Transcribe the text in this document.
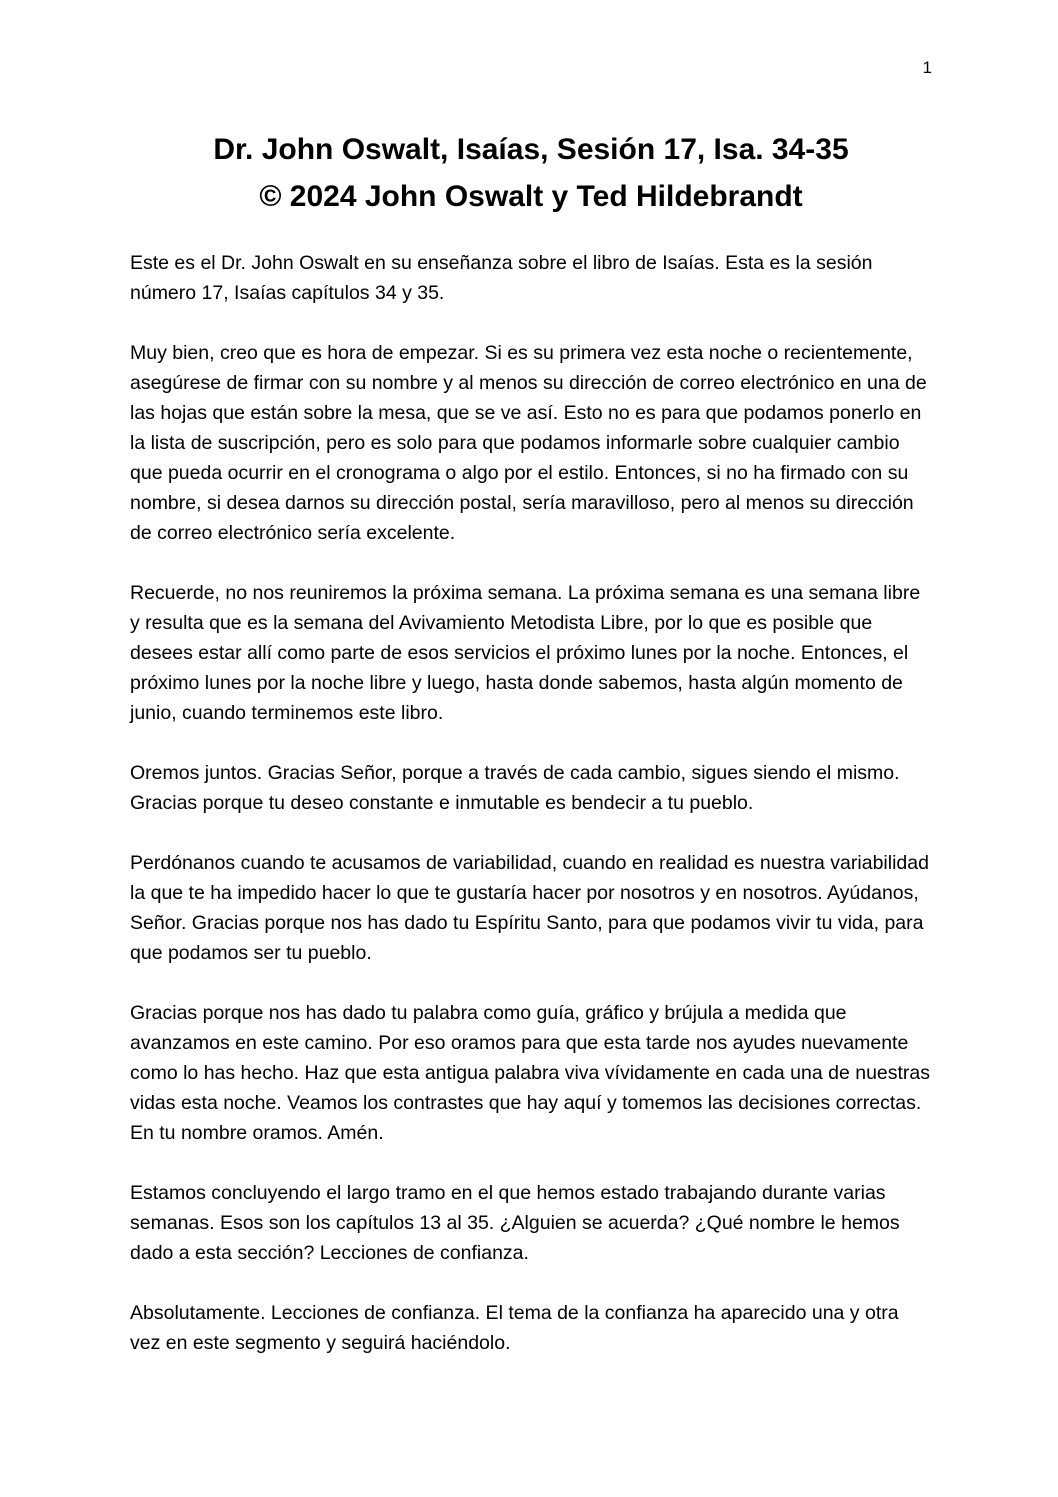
1
Dr. John Oswalt, Isaías, Sesión 17, Isa. 34-35
© 2024 John Oswalt y Ted Hildebrandt

Este es el Dr. John Oswalt en su enseñanza sobre el libro de Isaías. Esta es la sesión número 17, Isaías capítulos 34 y 35.

Muy bien, creo que es hora de empezar. Si es su primera vez esta noche o recientemente, asegúrese de firmar con su nombre y al menos su dirección de correo electrónico en una de las hojas que están sobre la mesa, que se ve así. Esto no es para que podamos ponerlo en la lista de suscripción, pero es solo para que podamos informarle sobre cualquier cambio que pueda ocurrir en el cronograma o algo por el estilo. Entonces, si no ha firmado con su nombre, si desea darnos su dirección postal, sería maravilloso, pero al menos su dirección de correo electrónico sería excelente.

Recuerde, no nos reuniremos la próxima semana. La próxima semana es una semana libre y resulta que es la semana del Avivamiento Metodista Libre, por lo que es posible que desees estar allí como parte de esos servicios el próximo lunes por la noche. Entonces, el próximo lunes por la noche libre y luego, hasta donde sabemos, hasta algún momento de junio, cuando terminemos este libro.

Oremos juntos. Gracias Señor, porque a través de cada cambio, sigues siendo el mismo. Gracias porque tu deseo constante e inmutable es bendecir a tu pueblo.

Perdónanos cuando te acusamos de variabilidad, cuando en realidad es nuestra variabilidad la que te ha impedido hacer lo que te gustaría hacer por nosotros y en nosotros. Ayúdanos, Señor. Gracias porque nos has dado tu Espíritu Santo, para que podamos vivir tu vida, para que podamos ser tu pueblo.

Gracias porque nos has dado tu palabra como guía, gráfico y brújula a medida que avanzamos en este camino. Por eso oramos para que esta tarde nos ayudes nuevamente como lo has hecho. Haz que esta antigua palabra viva vívidamente en cada una de nuestras vidas esta noche. Veamos los contrastes que hay aquí y tomemos las decisiones correctas. En tu nombre oramos. Amén.

Estamos concluyendo el largo tramo en el que hemos estado trabajando durante varias semanas. Esos son los capítulos 13 al 35. ¿Alguien se acuerda? ¿Qué nombre le hemos dado a esta sección? Lecciones de confianza.

Absolutamente. Lecciones de confianza. El tema de la confianza ha aparecido una y otra vez en este segmento y seguirá haciéndolo.
